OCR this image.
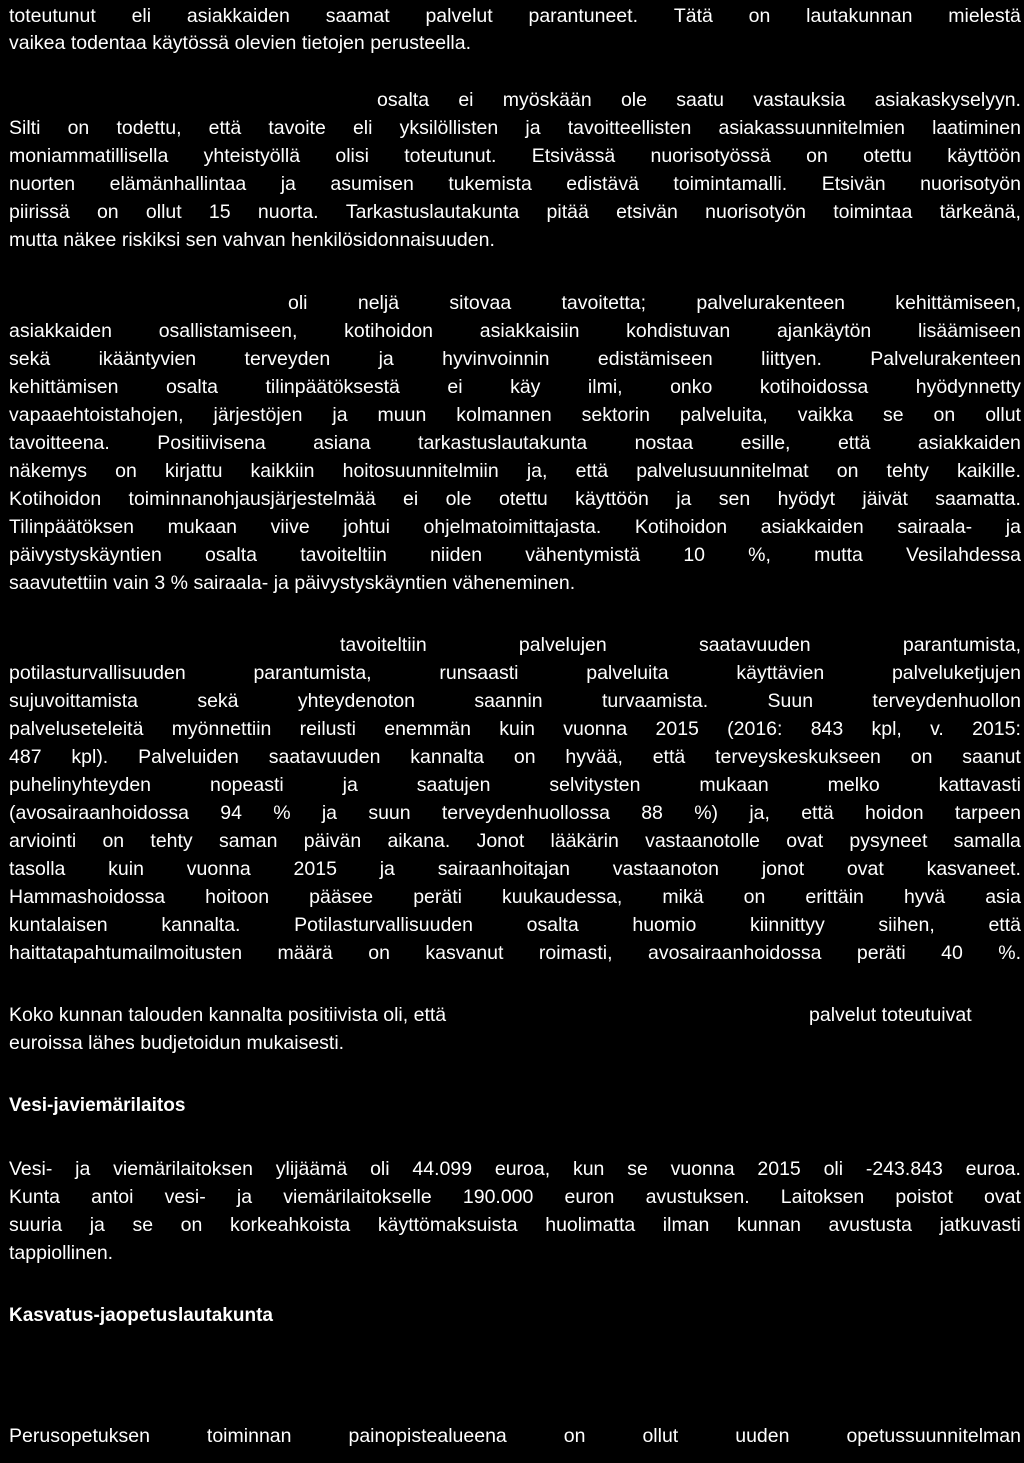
toteutunut eli asiakkaiden saamat palvelut parantuneet. Tätä on lautakunnan mielestä
vaikea todentaa käytössä olevien tietojen perusteella.
osalta ei myöskään ole saatu vastauksia asiakaskyselyyn.
Silti on todettu, että tavoite eli yksilöllisten ja tavoitteellisten asiakassuunnitelmien laatiminen
moniammatillisella yhteistyöllä olisi toteutunut. Etsivässä nuorisotyössä on otettu käyttöön
nuorten elämänhallintaa ja asumisen tukemista edistävä toimintamalli. Etsivän nuorisotyön
piirissä on ollut 15 nuorta. Tarkastuslautakunta pitää etsivän nuorisotyön toimintaa tärkeänä,
mutta näkee riskiksi sen vahvan henkilösidonnaisuuden.
oli	neljä	sitovaa	tavoitetta;	palvelurakenteen	kehittämiseen,
asiakkaiden osallistamiseen, kotihoidon asiakkaisiin kohdistuvan ajankäytön lisäämiseen
sekä ikääntyvien terveyden ja hyvinvoinnin edistämiseen liittyen. Palvelurakenteen
kehittämisen osalta tilinpäätöksestä ei käy ilmi, onko kotihoidossa hyödynnetty
vapaaehtoistahojen, järjestöjen ja muun kolmannen sektorin palveluita, vaikka se on ollut
tavoitteena. Positiivisena asiana tarkastuslautakunta nostaa esille, että asiakkaiden
näkemys on kirjattu kaikkiin hoitosuunnitelmiin ja, että palvelusuunnitelmat on tehty kaikille.
Kotihoidon toiminnanohjausjärjestelmää ei ole otettu käyttöön ja sen hyödyt jäivät saamatta.
Tilinpäätöksen mukaan viive johtui ohjelmatoimittajasta. Kotihoidon asiakkaiden sairaala- ja
päivystyskäyntien osalta tavoiteltiin niiden vähentymistä 10 %, mutta Vesilahdessa
saavutettiin vain 3 % sairaala- ja päivystyskäyntien väheneminen.
tavoiteltiin	palvelujen	saatavuuden	parantumista,
potilasturvallisuuden	parantumista,	runsaasti	palveluita	käyttävien	palveluketjujen
sujuvoittamista	sekä	yhteydenoton	saannin	turvaamista.	Suun	terveydenhuollon
palveluseteleitä myönnettiin reilusti enemmän kuin vuonna 2015 (2016: 843 kpl, v. 2015:
487 kpl). Palveluiden saatavuuden kannalta on hyvää, että terveyskeskukseen on saanut
puhelinyhteyden	nopeasti	ja	saatujen	selvitysten	mukaan	melko	kattavasti
(avosairaanhoidossa 94 % ja suun terveydenhuollossa 88 %) ja, että hoidon tarpeen
arviointi on tehty saman päivän aikana. Jonot lääkärin vastaanotolle ovat pysyneet samalla
tasolla kuin vuonna 2015 ja sairaanhoitajan vastaanoton jonot ovat kasvaneet.
Hammashoidossa hoitoon pääsee peräti kuukaudessa, mikä on erittäin hyvä asia
kuntalaisen	kannalta.	Potilasturvallisuuden	osalta	huomio	kiinnittyy	siihen,	että
haittatapahtumailmoitusten määrä on kasvanut roimasti, avosairaanhoidossa peräti 40 %.
Koko kunnan talouden kannalta positiivista oli, että	palvelut toteutuivat
euroissa lähes budjetoidun mukaisesti.
Vesi- ja viemärilaitos
Vesi- ja viemärilaitoksen ylijäämä oli 44.099 euroa, kun se vuonna 2015 oli -243.843 euroa.
Kunta antoi vesi- ja viemärilaitokselle 190.000 euron avustuksen. Laitoksen poistot ovat
suuria ja se on korkeahkoista käyttömaksuista huolimatta ilman kunnan avustusta jatkuvasti
tappiollinen.
Kasvatus- ja opetuslautakunta
Perusopetuksen	toiminnan	painopistealueena	on	ollut	uuden	opetussuunnitelman
